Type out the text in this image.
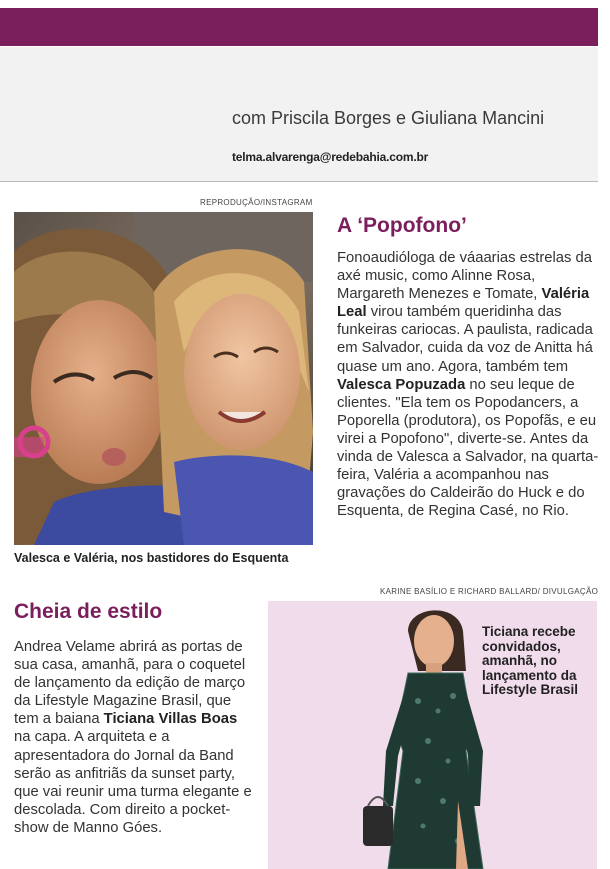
com Priscila Borges e Giuliana Mancini
telma.alvarenga@redebahia.com.br
REPRODUÇÃO/INSTAGRAM
Valesca e Valéria, nos bastidores do Esquenta
A ‘Popofono’

Fonoaudióloga de váaarias estrelas da axé music, como Alinne Rosa, Margareth Menezes e Tomate, Valéria Leal virou também queridinha das funkeiras cariocas. A paulista, radicada em Salvador, cuida da voz de Anitta há quase um ano. Agora, também tem Valesca Popuzada no seu leque de clientes. "Ela tem os Popodancers, a Poporella (produtora), os Popofãs, e eu virei a Popofono", diverte-se. Antes da vinda de Valesca a Salvador, na quarta-feira, Valéria a acompanhou nas gravações do Caldeirão do Huck e do Esquenta, de Regina Casé, no Rio.

KARINE BASÍLIO E RICHARD BALLARD/ DIVULGAÇÃO
Cheia de estilo

Andrea Velame abrirá as portas de sua casa, amanhã, para o coquetel de lançamento da edição de março da Lifestyle Magazine Brasil, que tem a baiana Ticiana Villas Boas na capa. A arquiteta e a apresentadora do Jornal da Band serão as anfitriãs da sunset party, que vai reunir uma turma elegante e descolada. Com direito a pocket-show de Manno Góes.

Ticiana recebe convidados, amanhã, no lançamento da Lifestyle Brasil
